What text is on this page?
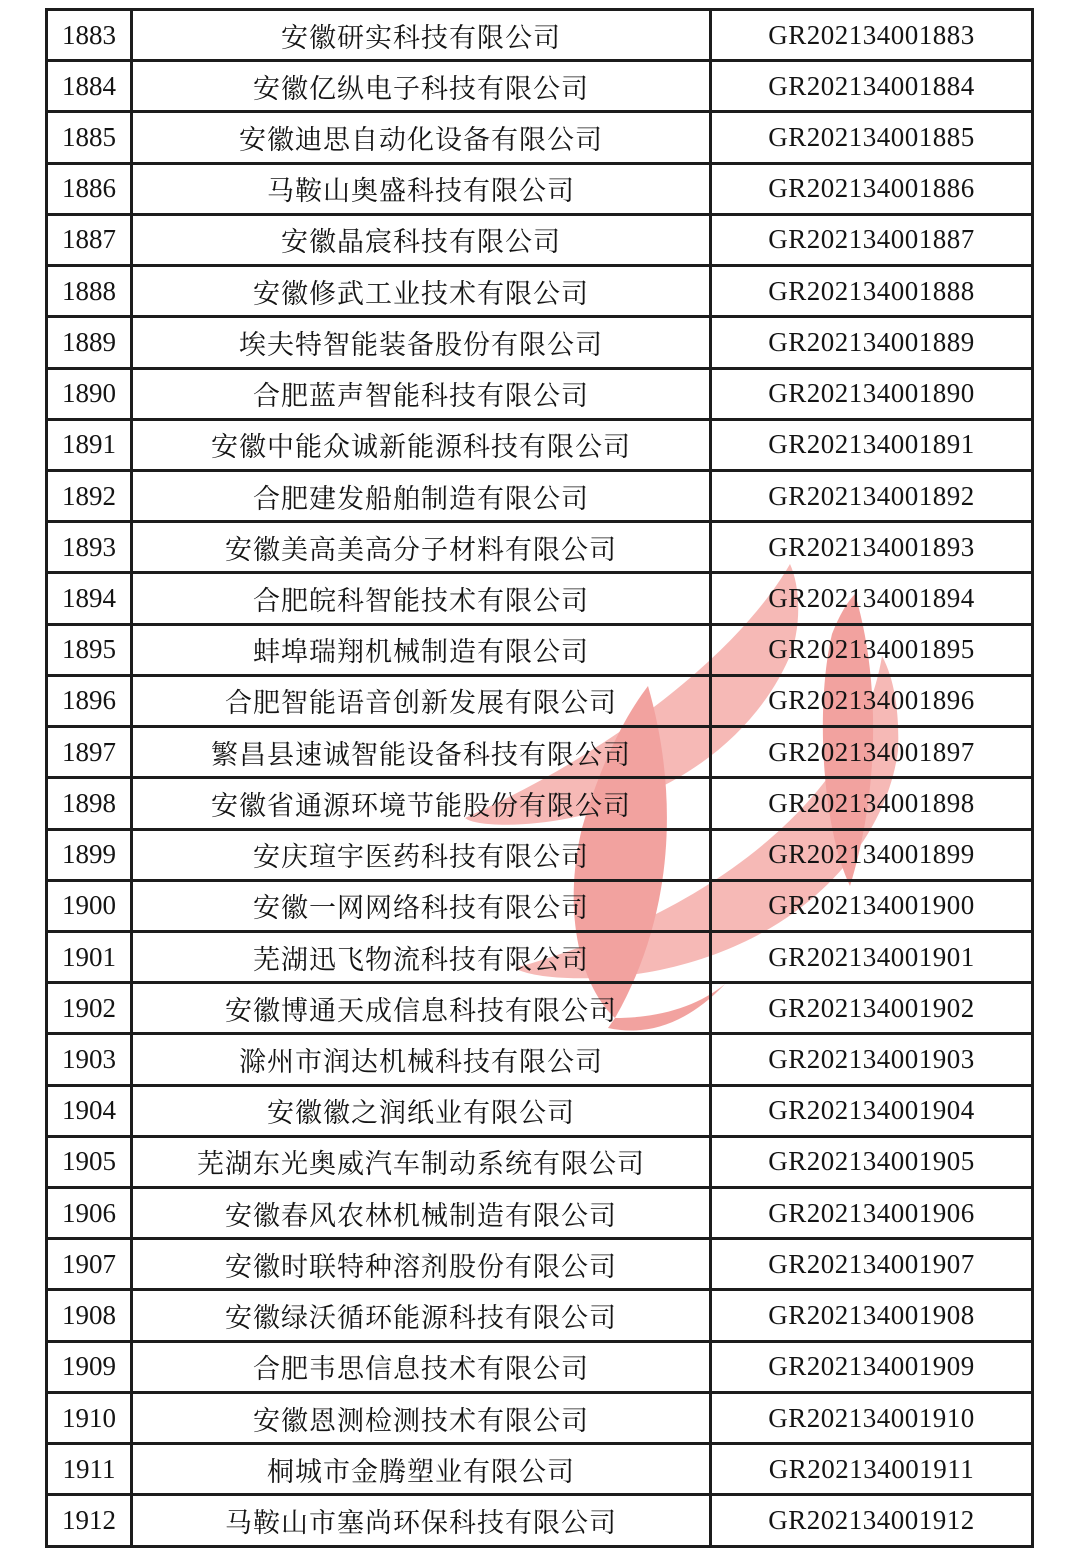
1883	安徽研实科技有限公司	GR202134001883
1884	安徽亿纵电子科技有限公司	GR202134001884
1885	安徽迪思自动化设备有限公司	GR202134001885
1886	马鞍山奥盛科技有限公司	GR202134001886
1887	安徽晶宸科技有限公司	GR202134001887
1888	安徽修武工业技术有限公司	GR202134001888
1889	埃夫特智能装备股份有限公司	GR202134001889
1890	合肥蓝声智能科技有限公司	GR202134001890
1891	安徽中能众诚新能源科技有限公司	GR202134001891
1892	合肥建发船舶制造有限公司	GR202134001892
1893	安徽美高美高分子材料有限公司	GR202134001893
1894	合肥皖科智能技术有限公司	GR202134001894
1895	蚌埠瑞翔机械制造有限公司	GR202134001895
1896	合肥智能语音创新发展有限公司	GR202134001896
1897	繁昌县速诚智能设备科技有限公司	GR202134001897
1898	安徽省通源环境节能股份有限公司	GR202134001898
1899	安庆瑄宇医药科技有限公司	GR202134001899
1900	安徽一网网络科技有限公司	GR202134001900
1901	芜湖迅飞物流科技有限公司	GR202134001901
1902	安徽博通天成信息科技有限公司	GR202134001902
1903	滁州市润达机械科技有限公司	GR202134001903
1904	安徽徽之润纸业有限公司	GR202134001904
1905	芜湖东光奥威汽车制动系统有限公司	GR202134001905
1906	安徽春风农林机械制造有限公司	GR202134001906
1907	安徽时联特种溶剂股份有限公司	GR202134001907
1908	安徽绿沃循环能源科技有限公司	GR202134001908
1909	合肥韦思信息技术有限公司	GR202134001909
1910	安徽恩测检测技术有限公司	GR202134001910
1911	桐城市金腾塑业有限公司	GR202134001911
1912	马鞍山市塞尚环保科技有限公司	GR202134001912
